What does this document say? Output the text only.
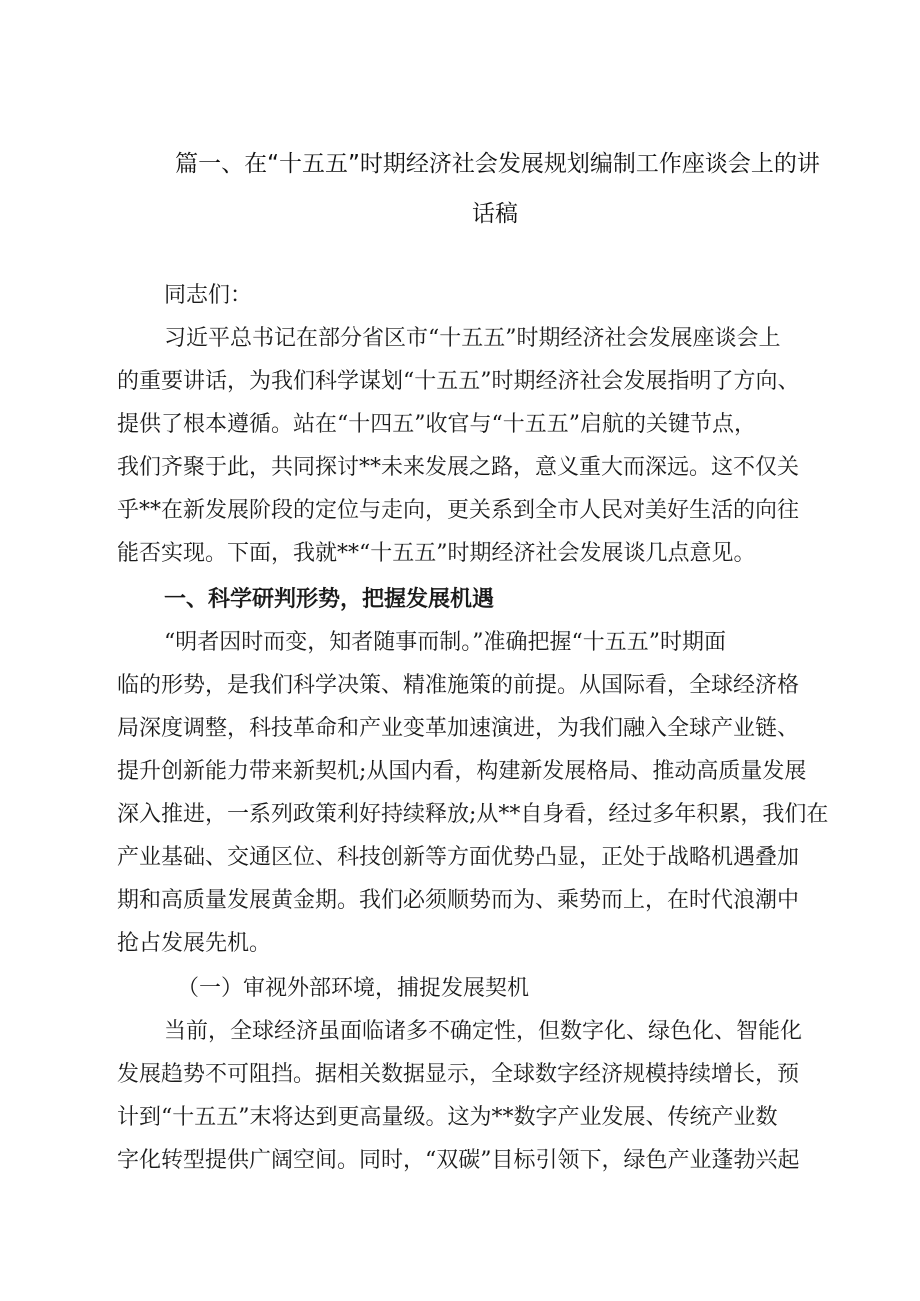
篇一、在“十五五”时期经济社会发展规划编制工作座谈会上的讲
话稿
同志们：
习近平总书记在部分省区市“十五五”时期经济社会发展座谈会上
的重要讲话，为我们科学谋划“十五五”时期经济社会发展指明了方向、
提供了根本遵循。站在“十四五”收官与“十五五”启航的关键节点，
我们齐聚于此，共同探讨**未来发展之路，意义重大而深远。这不仅关
乎**在新发展阶段的定位与走向，更关系到全市人民对美好生活的向往
能否实现。下面，我就**“十五五”时期经济社会发展谈几点意见。
一、科学研判形势，把握发展机遇
“明者因时而变，知者随事而制。”准确把握“十五五”时期面
临的形势，是我们科学决策、精准施策的前提。从国际看，全球经济格
局深度调整，科技革命和产业变革加速演进，为我们融入全球产业链、
提升创新能力带来新契机;从国内看，构建新发展格局、推动高质量发展
深入推进，一系列政策利好持续释放;从**自身看，经过多年积累，我们在
产业基础、交通区位、科技创新等方面优势凸显，正处于战略机遇叠加
期和高质量发展黄金期。我们必须顺势而为、乘势而上，在时代浪潮中
抢占发展先机。
（一）审视外部环境，捕捉发展契机
当前，全球经济虽面临诸多不确定性，但数字化、绿色化、智能化
发展趋势不可阻挡。据相关数据显示，全球数字经济规模持续增长，预
计到“十五五”末将达到更高量级。这为**数字产业发展、传统产业数
字化转型提供广阔空间。同时，“双碳”目标引领下，绿色产业蓬勃兴起
